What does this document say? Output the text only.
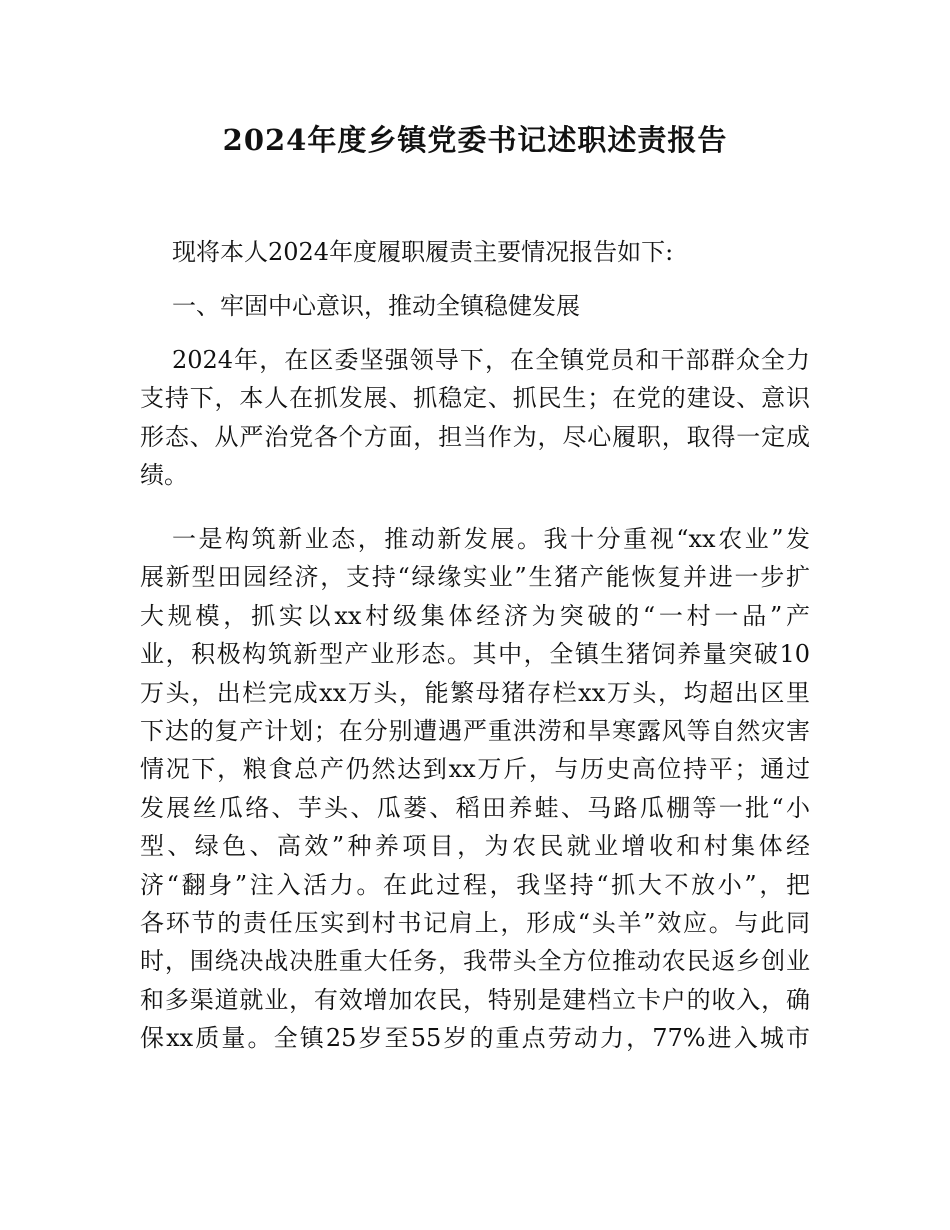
2024年度乡镇党委书记述职述责报告
现将本人2024年度履职履责主要情况报告如下:
一、牢固中心意识，推动全镇稳健发展
2024年，在区委坚强领导下，在全镇党员和干部群众全力
支持下，本人在抓发展、抓稳定、抓民生；在党的建设、意识
形态、从严治党各个方面，担当作为，尽心履职，取得一定成
绩。
一是构筑新业态，推动新发展。我十分重视“xx农业”发
展新型田园经济，支持“绿缘实业”生猪产能恢复并进一步扩
大规模，抓实以xx村级集体经济为突破的“一村一品”产
业，积极构筑新型产业形态。其中，全镇生猪饲养量突破10
万头，出栏完成xx万头，能繁母猪存栏xx万头，均超出区里
下达的复产计划；在分别遭遇严重洪涝和旱寒露风等自然灾害
情况下，粮食总产仍然达到xx万斤，与历史高位持平；通过
发展丝瓜络、芋头、瓜蒌、稻田养蛙、马路瓜棚等一批“小
型、绿色、高效”种养项目，为农民就业增收和村集体经
济“翻身”注入活力。在此过程，我坚持“抓大不放小”，把
各环节的责任压实到村书记肩上，形成“头羊”效应。与此同
时，围绕决战决胜重大任务，我带头全方位推动农民返乡创业
和多渠道就业，有效增加农民，特别是建档立卡户的收入，确
保xx质量。全镇25岁至55岁的重点劳动力，77%进入城市
